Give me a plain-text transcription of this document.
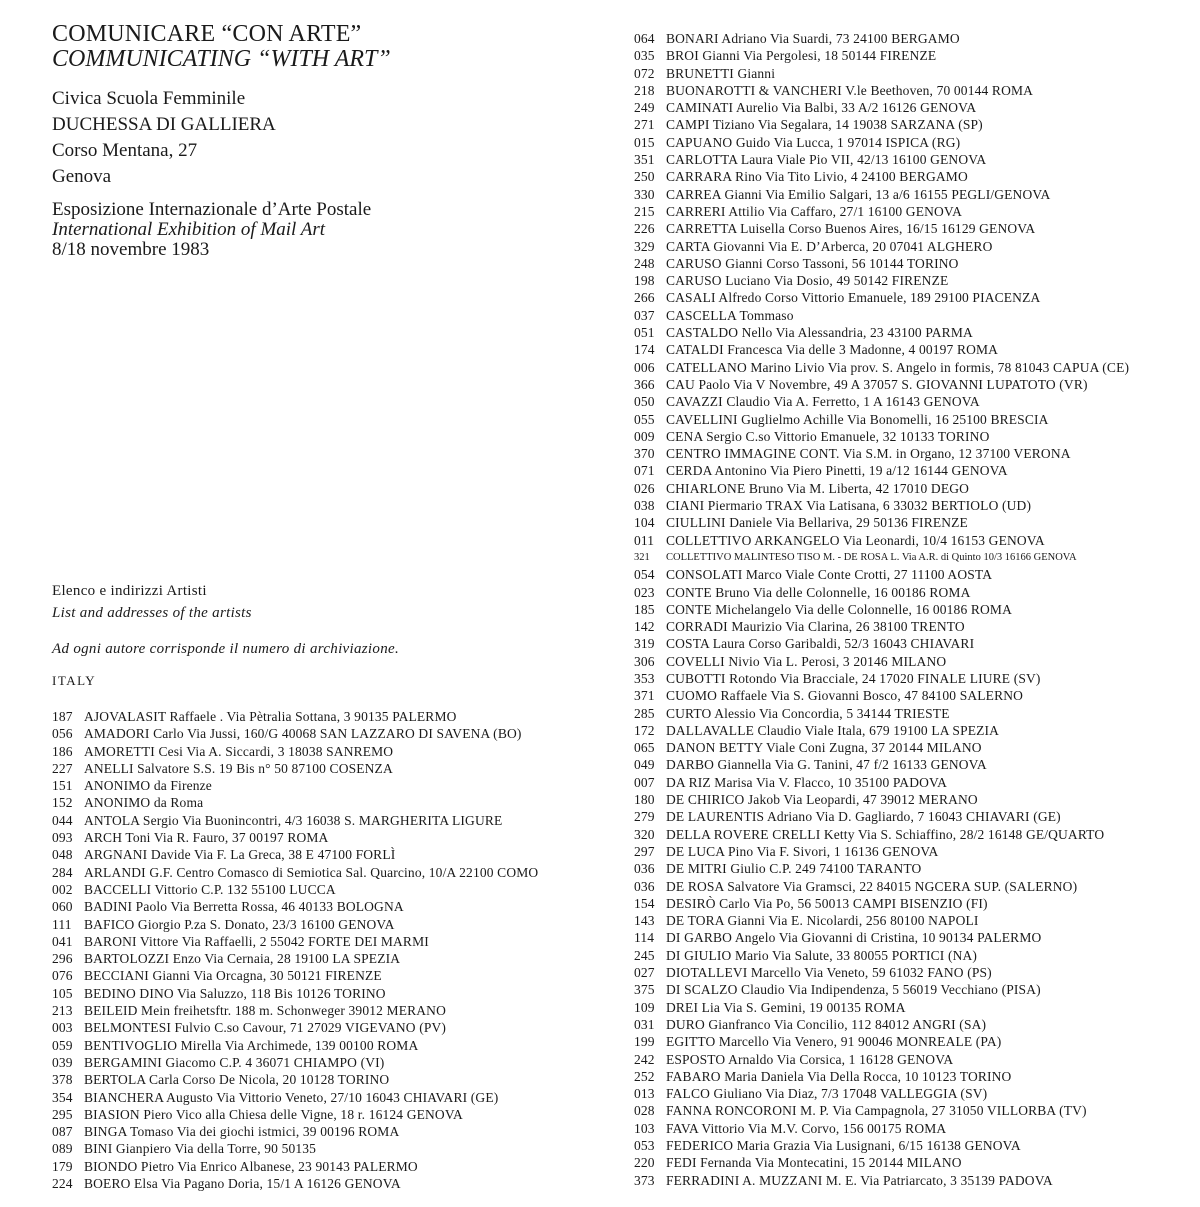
COMUNICARE “CON ARTE”
COMMUNICATING “WITH ART”
Civica Scuola Femminile
DUCHESSA DI GALLIERA
Corso Mentana, 27
Genova
Esposizione Internazionale d’Arte Postale
International Exhibition of Mail Art
8/18 novembre 1983
Elenco e indirizzi Artisti
List and addresses of the artists
Ad ogni autore corrisponde il numero di archiviazione.
ITALY
187 AJOVALASIT Raffaele . Via Pètralia Sottana, 3 90135 PALERMO
056 AMADORI Carlo Via Jussi, 160/G 40068 SAN LAZZARO DI SAVENA (BO)
186 AMORETTI Cesi Via A. Siccardi, 3 18038 SANREMO
227 ANELLI Salvatore S.S. 19 Bis n° 50 87100 COSENZA
151 ANONIMO da Firenze
152 ANONIMO da Roma
044 ANTOLA Sergio Via Buonincontri, 4/3 16038 S. MARGHERITA LIGURE
093 ARCH Toni Via R. Fauro, 37 00197 ROMA
048 ARGNANI Davide Via F. La Greca, 38 E 47100 FORLÌ
284 ARLANDI G.F. Centro Comasco di Semiotica Sal. Quarcino, 10/A 22100 COMO
002 BACCELLI Vittorio C.P. 132 55100 LUCCA
060 BADINI Paolo Via Berretta Rossa, 46 40133 BOLOGNA
111 BAFICO Giorgio P.za S. Donato, 23/3 16100 GENOVA
041 BARONI Vittore Via Raffaelli, 2 55042 FORTE DEI MARMI
296 BARTOLOZZI Enzo Via Cernaia, 28 19100 LA SPEZIA
076 BECCIANI Gianni Via Orcagna, 30 50121 FIRENZE
105 BEDINO DINO Via Saluzzo, 118 Bis 10126 TORINO
213 BEILEID Mein freihetsftr. 188 m. Schonweger 39012 MERANO
003 BELMONTESI Fulvio C.so Cavour, 71 27029 VIGEVANO (PV)
059 BENTIVOGLIO Mirella Via Archimede, 139 00100 ROMA
039 BERGAMINI Giacomo C.P. 4 36071 CHIAMPO (VI)
378 BERTOLA Carla Corso De Nicola, 20 10128 TORINO
354 BIANCHERA Augusto Via Vittorio Veneto, 27/10 16043 CHIAVARI (GE)
295 BIASION Piero Vico alla Chiesa delle Vigne, 18 r. 16124 GENOVA
087 BINGA Tomaso Via dei giochi istmici, 39 00196 ROMA
089 BINI Gianpiero Via della Torre, 90 50135
179 BIONDO Pietro Via Enrico Albanese, 23 90143 PALERMO
224 BOERO Elsa Via Pagano Doria, 15/1 A 16126 GENOVA
064 BONARI Adriano Via Suardi, 73 24100 BERGAMO
035 BROI Gianni Via Pergolesi, 18 50144 FIRENZE
072 BRUNETTI Gianni
218 BUONAROTTI & VANCHERI V.le Beethoven, 70 00144 ROMA
249 CAMINATI Aurelio Via Balbi, 33 A/2 16126 GENOVA
271 CAMPI Tiziano Via Segalara, 14 19038 SARZANA (SP)
015 CAPUANO Guido Via Lucca, 1 97014 ISPICA (RG)
351 CARLOTTA Laura Viale Pio VII, 42/13 16100 GENOVA
250 CARRARA Rino Via Tito Livio, 4 24100 BERGAMO
330 CARREA Gianni Via Emilio Salgari, 13 a/6 16155 PEGLI/GENOVA
215 CARRERI Attilio Via Caffaro, 27/1 16100 GENOVA
226 CARRETTA Luisella Corso Buenos Aires, 16/15 16129 GENOVA
329 CARTA Giovanni Via E. D’Arberca, 20 07041 ALGHERO
248 CARUSO Gianni Corso Tassoni, 56 10144 TORINO
198 CARUSO Luciano Via Dosio, 49 50142 FIRENZE
266 CASALI Alfredo Corso Vittorio Emanuele, 189 29100 PIACENZA
037 CASCELLA Tommaso
051 CASTALDO Nello Via Alessandria, 23 43100 PARMA
174 CATALDI Francesca Via delle 3 Madonne, 4 00197 ROMA
006 CATELLANO Marino Livio Via prov. S. Angelo in formis, 78 81043 CAPUA (CE)
366 CAU Paolo Via V Novembre, 49 A 37057 S. GIOVANNI LUPATOTO (VR)
050 CAVAZZI Claudio Via A. Ferretto, 1 A 16143 GENOVA
055 CAVELLINI Guglielmo Achille Via Bonomelli, 16 25100 BRESCIA
009 CENA Sergio C.so Vittorio Emanuele, 32 10133 TORINO
370 CENTRO IMMAGINE CONT. Via S.M. in Organo, 12 37100 VERONA
071 CERDA Antonino Via Piero Pinetti, 19 a/12 16144 GENOVA
026 CHIARLONE Bruno Via M. Liberta, 42 17010 DEGO
038 CIANI Piermario TRAX Via Latisana, 6 33032 BERTIOLO (UD)
104 CIULLINI Daniele Via Bellariva, 29 50136 FIRENZE
011 COLLETTIVO ARKANGELO Via Leonardi, 10/4 16153 GENOVA
321 COLLETTIVO MALINTESO TISO M. - DE ROSA L. Via A.R. di Quinto 10/3 16166 GENOVA
054 CONSOLATI Marco Viale Conte Crotti, 27 11100 AOSTA
023 CONTE Bruno Via delle Colonnelle, 16 00186 ROMA
185 CONTE Michelangelo Via delle Colonnelle, 16 00186 ROMA
142 CORRADI Maurizio Via Clarina, 26 38100 TRENTO
319 COSTA Laura Corso Garibaldi, 52/3 16043 CHIAVARI
306 COVELLI Nivio Via L. Perosi, 3 20146 MILANO
353 CUBOTTI Rotondo Via Bracciale, 24 17020 FINALE LIURE (SV)
371 CUOMO Raffaele Via S. Giovanni Bosco, 47 84100 SALERNO
285 CURTO Alessio Via Concordia, 5 34144 TRIESTE
172 DALLAVALLE Claudio Viale Itala, 679 19100 LA SPEZIA
065 DANON BETTY Viale Coni Zugna, 37 20144 MILANO
049 DARBO Giannella Via G. Tanini, 47 f/2 16133 GENOVA
007 DA RIZ Marisa Via V. Flacco, 10 35100 PADOVA
180 DE CHIRICO Jakob Via Leopardi, 47 39012 MERANO
279 DE LAURENTIS Adriano Via D. Gagliardo, 7 16043 CHIAVARI (GE)
320 DELLA ROVERE CRELLI Ketty Via S. Schiaffino, 28/2 16148 GE/QUARTO
297 DE LUCA Pino Via F. Sivori, 1 16136 GENOVA
036 DE MITRI Giulio C.P. 249 74100 TARANTO
036 DE ROSA Salvatore Via Gramsci, 22 84015 NGCERA SUP. (SALERNO)
154 DESIRÒ Carlo Via Po, 56 50013 CAMPI BISENZIO (FI)
143 DE TORA Gianni Via E. Nicolardi, 256 80100 NAPOLI
114 DI GARBO Angelo Via Giovanni di Cristina, 10 90134 PALERMO
245 DI GIULIO Mario Via Salute, 33 80055 PORTICI (NA)
027 DIOTALLEVI Marcello Via Veneto, 59 61032 FANO (PS)
375 DI SCALZO Claudio Via Indipendenza, 5 56019 Vecchiano (PISA)
109 DREI Lia Via S. Gemini, 19 00135 ROMA
031 DURO Gianfranco Via Concilio, 112 84012 ANGRI (SA)
199 EGITTO Marcello Via Venero, 91 90046 MONREALE (PA)
242 ESPOSTO Arnaldo Via Corsica, 1 16128 GENOVA
252 FABARO Maria Daniela Via Della Rocca, 10 10123 TORINO
013 FALCO Giuliano Via Diaz, 7/3 17048 VALLEGGIA (SV)
028 FANNA RONCORONI M. P. Via Campagnola, 27 31050 VILLORBA (TV)
103 FAVA Vittorio Via M.V. Corvo, 156 00175 ROMA
053 FEDERICO Maria Grazia Via Lusignani, 6/15 16138 GENOVA
220 FEDI Fernanda Via Montecatini, 15 20144 MILANO
373 FERRADINI A. MUZZANI M. E. Via Patriarcato, 3 35139 PADOVA
